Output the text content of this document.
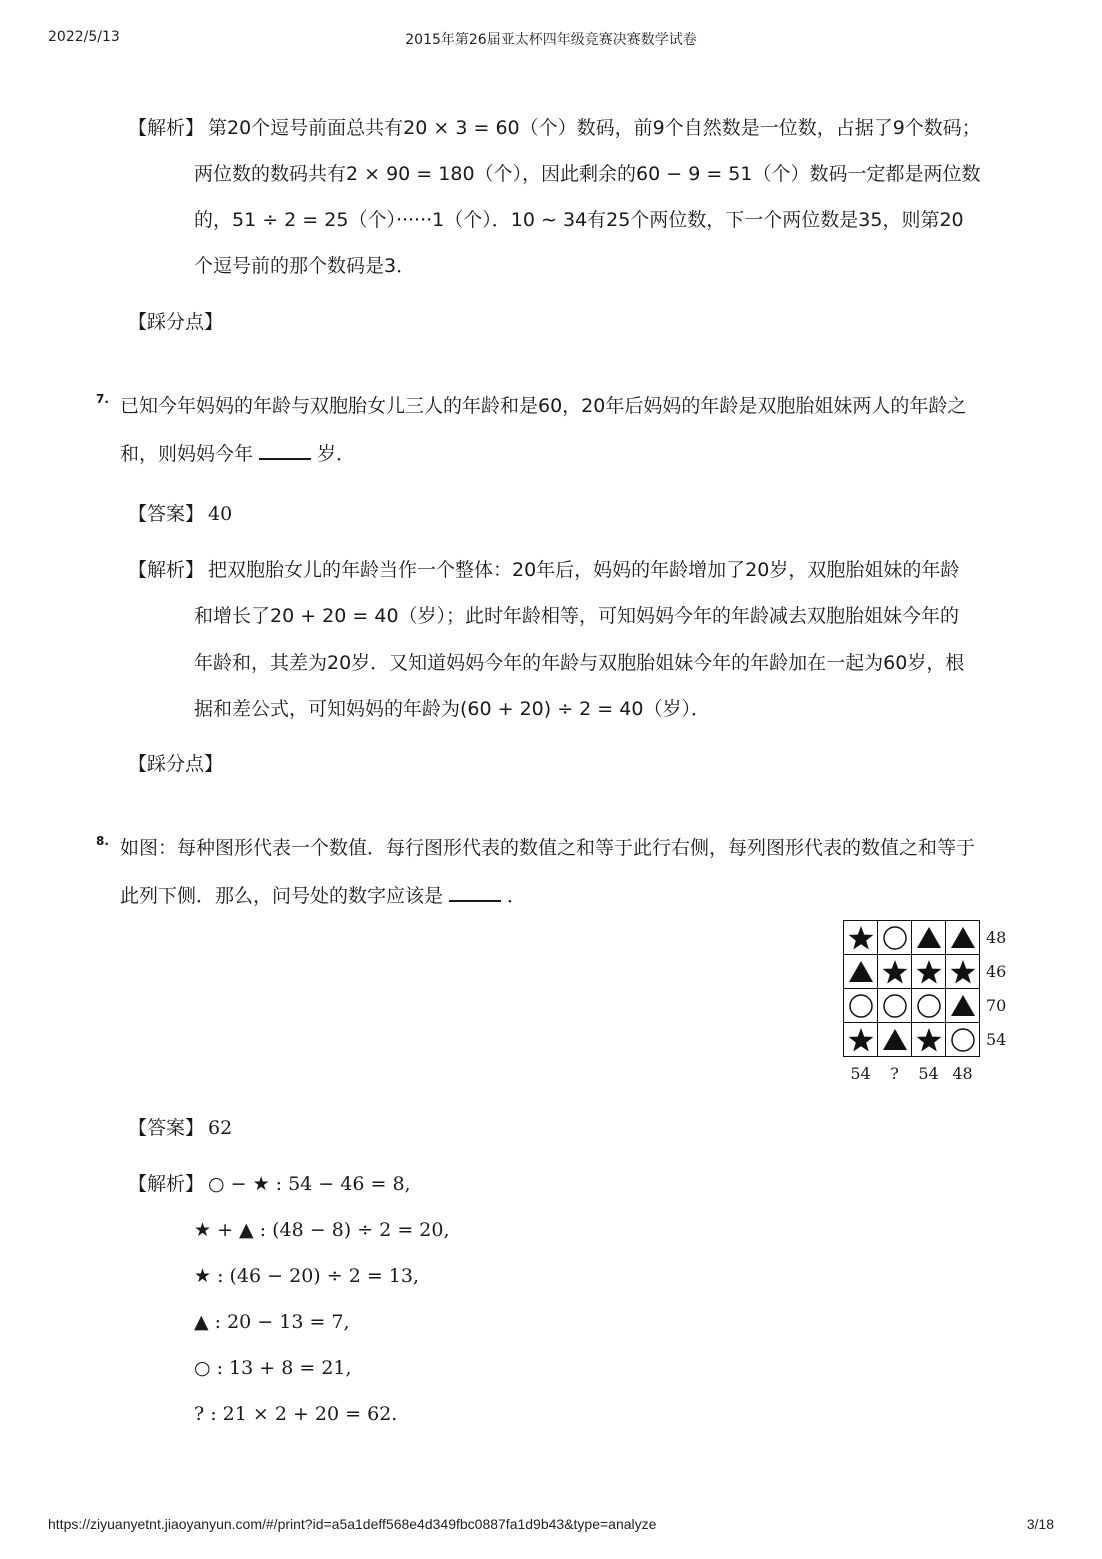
2022/5/13	2015年第26届亚太杯四年级竞赛决赛数学试卷
【解析】 第20个逗号前面总共有20 × 3 = 60（个）数码，前9个自然数是一位数，占据了9个数码；
两位数的数码共有2 × 90 = 180（个），因此剩余的60 − 9 = 51（个）数码一定都是两位数
的，51 ÷ 2 = 25（个）······1（个）．10 ∼ 34有25个两位数，下一个两位数是35，则第20
个逗号前的那个数码是3．
【踩分点】
7. 已知今年妈妈的年龄与双胞胎女儿三人的年龄和是60，20年后妈妈的年龄是双胞胎姐妹两人的年龄之
和，则妈妈今年	岁．
【答案】 40
【解析】 把双胞胎女儿的年龄当作一个整体：20年后，妈妈的年龄增加了20岁，双胞胎姐妹的年龄
和增长了20 + 20 = 40（岁）；此时年龄相等，可知妈妈今年的年龄减去双胞胎姐妹今年的
年龄和，其差为20岁．又知道妈妈今年的年龄与双胞胎姐妹今年的年龄加在一起为60岁，根
据和差公式，可知妈妈的年龄为(60 + 20) ÷ 2 = 40（岁）．
【踩分点】
8. 如图：每种图形代表一个数值．每行图形代表的数值之和等于此行右侧，每列图形代表的数值之和等于
此列下侧．那么，问号处的数字应该是	．

	48

	46

	70

	54
54	?	54	48	
【答案】 62
【解析】 ○ − ★ : 54 − 46 = 8,
★ + ▲ : (48 − 8) ÷ 2 = 20,
★ : (46 − 20) ÷ 2 = 13,
▲ : 20 − 13 = 7,
○ : 13 + 8 = 21,
? : 21 × 2 + 20 = 62.
https://ziyuanyetnt.jiaoyanyun.com/#/print?id=a5a1deff568e4d349fbc0887fa1d9b43&type=analyze	3/18
